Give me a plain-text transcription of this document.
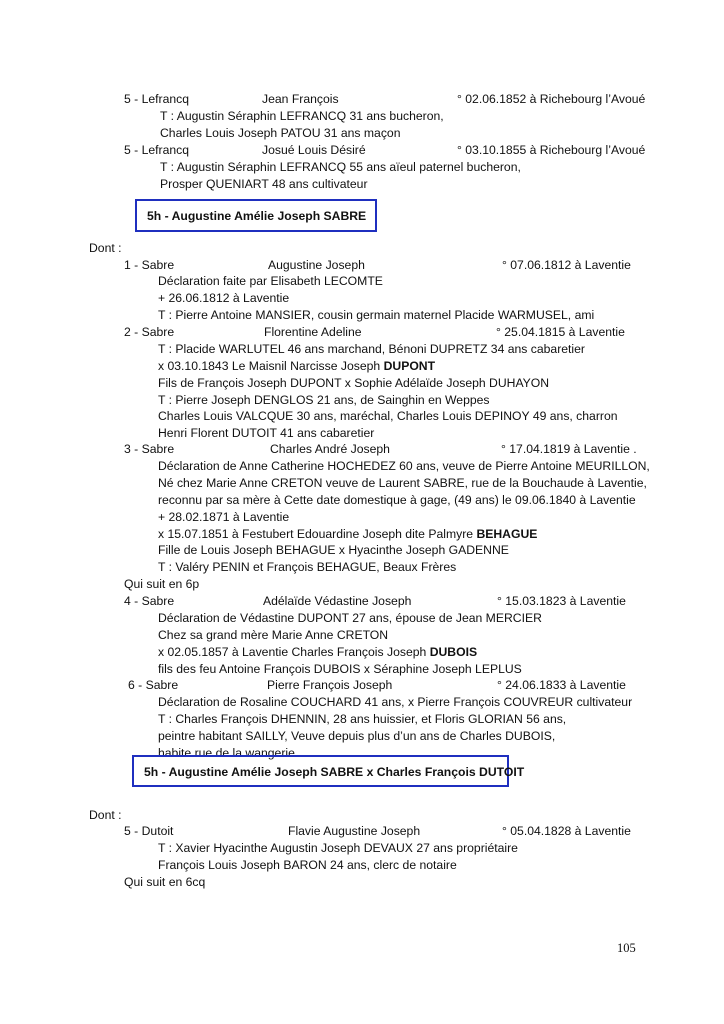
5 - Lefrancq	Jean François	° 02.06.1852 à Richebourg l’Avoué
T : Augustin Séraphin LEFRANCQ 31 ans bucheron,
Charles Louis Joseph PATOU 31 ans maçon
5 - Lefrancq	Josué Louis Désiré	° 03.10.1855 à Richebourg l’Avoué
T : Augustin Séraphin LEFRANCQ 55 ans aïeul paternel bucheron,
Prosper QUENIART 48 ans cultivateur
5h - Augustine Amélie Joseph SABRE
Dont :
1 - Sabre	Augustine Joseph	° 07.06.1812 à Laventie
Déclaration faite par Elisabeth LECOMTE
+ 26.06.1812 à Laventie
T : Pierre Antoine MANSIER, cousin germain maternel Placide WARMUSEL, ami
2 - Sabre	Florentine Adeline	° 25.04.1815 à Laventie
T : Placide WARLUTEL 46 ans marchand, Bénoni DUPRETZ 34 ans cabaretier
x 03.10.1843 Le Maisnil Narcisse Joseph DUPONT
Fils de François Joseph DUPONT x Sophie Adélaïde Joseph DUHAYON
T : Pierre Joseph DENGLOS 21 ans, de Sainghin en Weppes
Charles Louis VALCQUE 30 ans, maréchal, Charles Louis DEPINOY 49 ans, charron
Henri Florent DUTOIT 41 ans cabaretier
3 - Sabre	Charles André Joseph	° 17.04.1819 à Laventie .
Déclaration de Anne Catherine HOCHEDEZ 60 ans, veuve de Pierre Antoine MEURILLON,
Né chez Marie Anne CRETON veuve de Laurent SABRE, rue de la Bouchaude à Laventie,
reconnu par sa mère à Cette date domestique à gage, (49 ans) le 09.06.1840 à Laventie
+ 28.02.1871 à Laventie
x 15.07.1851 à Festubert Edouardine Joseph dite Palmyre BEHAGUE
Fille de Louis Joseph BEHAGUE x Hyacinthe Joseph GADENNE
T : Valéry PENIN et François BEHAGUE, Beaux Frères
Qui suit en 6p
4 - Sabre	Adélaïde Védastine Joseph	° 15.03.1823 à Laventie
Déclaration de Védastine DUPONT 27 ans, épouse de Jean MERCIER
Chez sa grand mère Marie Anne CRETON
x 02.05.1857 à Laventie Charles François Joseph DUBOIS
fils des feu Antoine François DUBOIS x Séraphine Joseph LEPLUS
6 - Sabre	Pierre François Joseph	° 24.06.1833 à Laventie
Déclaration de Rosaline COUCHARD 41 ans, x Pierre François COUVREUR cultivateur
T : Charles François DHENNIN, 28 ans huissier, et Floris GLORIAN 56 ans,
peintre habitant SAILLY, Veuve depuis plus d’un ans de Charles DUBOIS,
habite rue de la wangerie
5h - Augustine Amélie Joseph SABRE x Charles François DUTOIT
Dont :
5 - Dutoit	Flavie Augustine Joseph	° 05.04.1828 à Laventie
T : Xavier Hyacinthe Augustin Joseph DEVAUX 27 ans propriétaire
François Louis Joseph BARON 24 ans, clerc de notaire
Qui suit en 6cq
105
